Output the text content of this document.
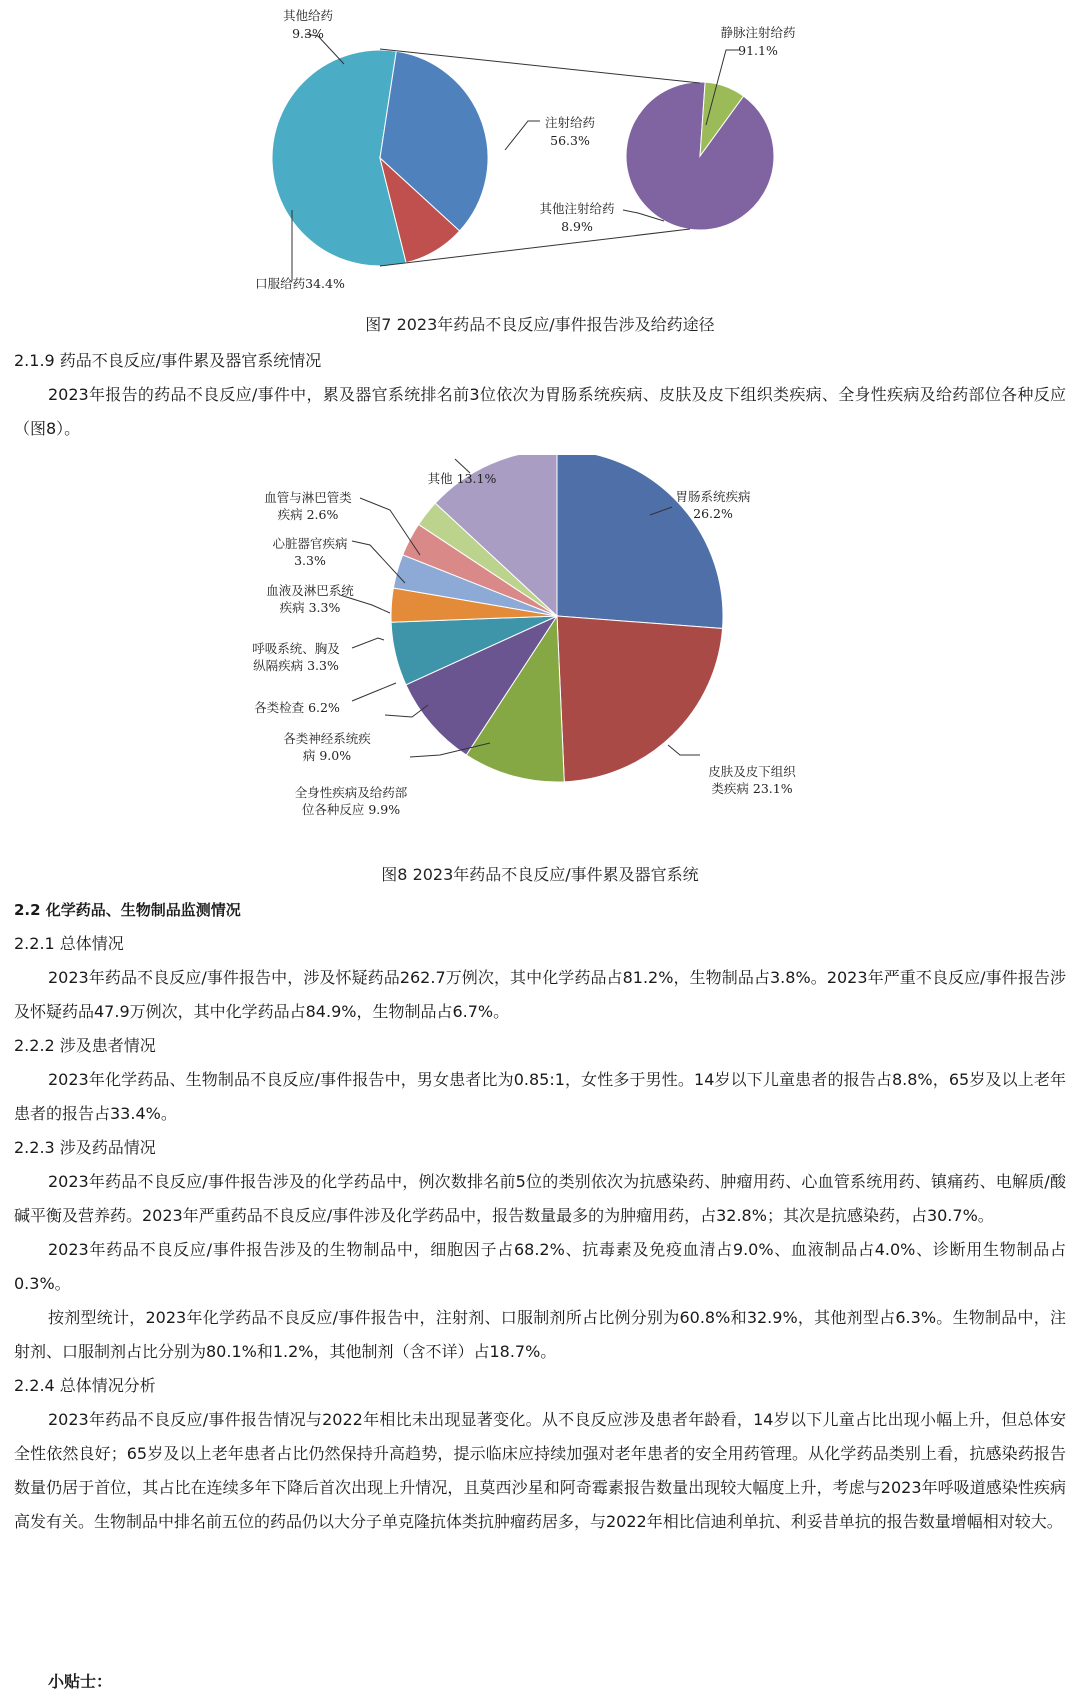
其他给药
9.3%
注射给药
56.3%
口服给药34.4%
静脉注射给药
91.1%
其他注射给药
8.9%
图7 2023年药品不良反应/事件报告涉及给药途径
2.1.9 药品不良反应/事件累及器官系统情况
2023年报告的药品不良反应/事件中，累及器官系统排名前3位依次为胃肠系统疾病、皮肤及皮下组织类疾病、全身性疾病及给药部位各种反应（图8）。
胃肠系统疾病
26.2%
皮肤及皮下组织
类疾病 23.1%
全身性疾病及给药部
位各种反应 9.9%
各类神经系统疾
病 9.0%
各类检查 6.2%
呼吸系统、胸及
纵隔疾病 3.3%
血液及淋巴系统
疾病 3.3%
心脏器官疾病
3.3%
血管与淋巴管类
疾病 2.6%
其他 13.1%
图8 2023年药品不良反应/事件累及器官系统
2.2 化学药品、生物制品监测情况
2.2.1 总体情况
2023年药品不良反应/事件报告中，涉及怀疑药品262.7万例次，其中化学药品占81.2%，生物制品占3.8%。2023年严重不良反应/事件报告涉及怀疑药品47.9万例次，其中化学药品占84.9%，生物制品占6.7%。
2.2.2 涉及患者情况
2023年化学药品、生物制品不良反应/事件报告中，男女患者比为0.85:1，女性多于男性。14岁以下儿童患者的报告占8.8%，65岁及以上老年患者的报告占33.4%。
2.2.3 涉及药品情况
2023年药品不良反应/事件报告涉及的化学药品中，例次数排名前5位的类别依次为抗感染药、肿瘤用药、心血管系统用药、镇痛药、电解质/酸碱平衡及营养药。2023年严重药品不良反应/事件涉及化学药品中，报告数量最多的为肿瘤用药，占32.8%；其次是抗感染药，占30.7%。
2023年药品不良反应/事件报告涉及的生物制品中，细胞因子占68.2%、抗毒素及免疫血清占9.0%、血液制品占4.0%、诊断用生物制品占0.3%。
按剂型统计，2023年化学药品不良反应/事件报告中，注射剂、口服制剂所占比例分别为60.8%和32.9%，其他剂型占6.3%。生物制品中，注射剂、口服制剂占比分别为80.1%和1.2%，其他制剂（含不详）占18.7%。
2.2.4 总体情况分析
2023年药品不良反应/事件报告情况与2022年相比未出现显著变化。从不良反应涉及患者年龄看，14岁以下儿童占比出现小幅上升，但总体安全性依然良好；65岁及以上老年患者占比仍然保持升高趋势，提示临床应持续加强对老年患者的安全用药管理。从化学药品类别上看，抗感染药报告数量仍居于首位，其占比在连续多年下降后首次出现上升情况，且莫西沙星和阿奇霉素报告数量出现较大幅度上升，考虑与2023年呼吸道感染性疾病高发有关。生物制品中排名前五位的药品仍以大分子单克隆抗体类抗肿瘤药居多，与2022年相比信迪利单抗、利妥昔单抗的报告数量增幅相对较大。
小贴士：
